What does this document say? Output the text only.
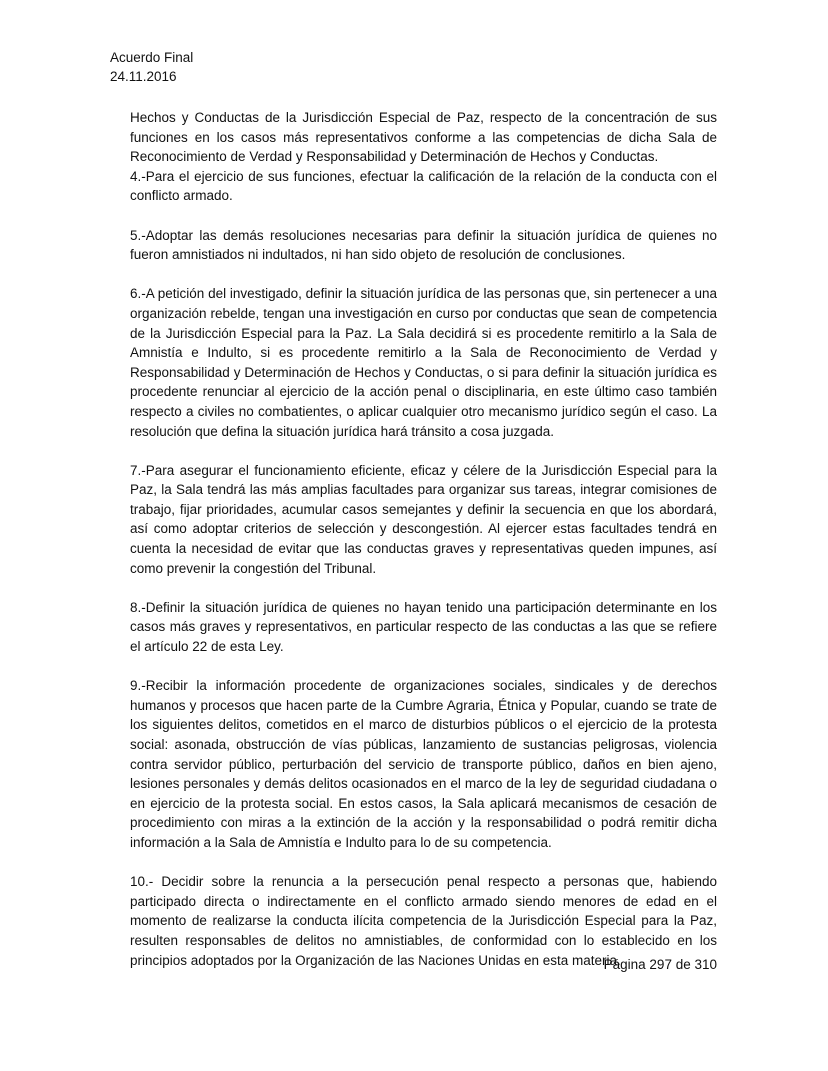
Acuerdo Final
24.11.2016

Hechos y Conductas de la Jurisdicción Especial de Paz, respecto de la concentración de sus funciones en los casos más representativos conforme a las competencias de dicha Sala de Reconocimiento de Verdad y Responsabilidad y Determinación de Hechos y Conductas.

4.-Para el ejercicio de sus funciones, efectuar la calificación de la relación de la conducta con el conflicto armado.

5.-Adoptar las demás resoluciones necesarias para definir la situación jurídica de quienes no fueron amnistiados ni indultados, ni han sido objeto de resolución de conclusiones.

6.-A petición del investigado, definir la situación jurídica de las personas que, sin pertenecer a una organización rebelde, tengan una investigación en curso por conductas que sean de competencia de la Jurisdicción Especial para la Paz. La Sala decidirá si es procedente remitirlo a la Sala de Amnistía e Indulto, si es procedente remitirlo a la Sala de Reconocimiento de Verdad y Responsabilidad y Determinación de Hechos y Conductas, o si para definir la situación jurídica es procedente renunciar al ejercicio de la acción penal o disciplinaria, en este último caso también respecto a civiles no combatientes, o aplicar cualquier otro mecanismo jurídico según el caso. La resolución que defina la situación jurídica hará tránsito a cosa juzgada.

7.-Para asegurar el funcionamiento eficiente, eficaz y célere de la Jurisdicción Especial para la Paz, la Sala tendrá las más amplias facultades para organizar sus tareas, integrar comisiones de trabajo, fijar prioridades, acumular casos semejantes y definir la secuencia en que los abordará, así como adoptar criterios de selección y descongestión. Al ejercer estas facultades tendrá en cuenta la necesidad de evitar que las conductas graves y representativas queden impunes, así como prevenir la congestión del Tribunal.

8.-Definir la situación jurídica de quienes no hayan tenido una participación determinante en los casos más graves y representativos, en particular respecto de las conductas a las que se refiere el artículo 22 de esta Ley.

9.-Recibir la información procedente de organizaciones sociales, sindicales y de derechos humanos y procesos que hacen parte de la Cumbre Agraria, Étnica y Popular, cuando se trate de los siguientes delitos, cometidos en el marco de disturbios públicos o el ejercicio de la protesta social: asonada, obstrucción de vías públicas, lanzamiento de sustancias peligrosas, violencia contra servidor público, perturbación del servicio de transporte público, daños en bien ajeno, lesiones personales y demás delitos ocasionados en el marco de la ley de seguridad ciudadana o en ejercicio de la protesta social. En estos casos, la Sala aplicará mecanismos de cesación de procedimiento con miras a la extinción de la acción y la responsabilidad o podrá remitir dicha información a la Sala de Amnistía e Indulto para lo de su competencia.

10.- Decidir sobre la renuncia a la persecución penal respecto a personas que, habiendo participado directa o indirectamente en el conflicto armado siendo menores de edad en el momento de realizarse la conducta ilícita competencia de la Jurisdicción Especial para la Paz, resulten responsables de delitos no amnistiables, de conformidad con lo establecido en los principios adoptados por la Organización de las Naciones Unidas en esta materia.

Página 297 de 310
